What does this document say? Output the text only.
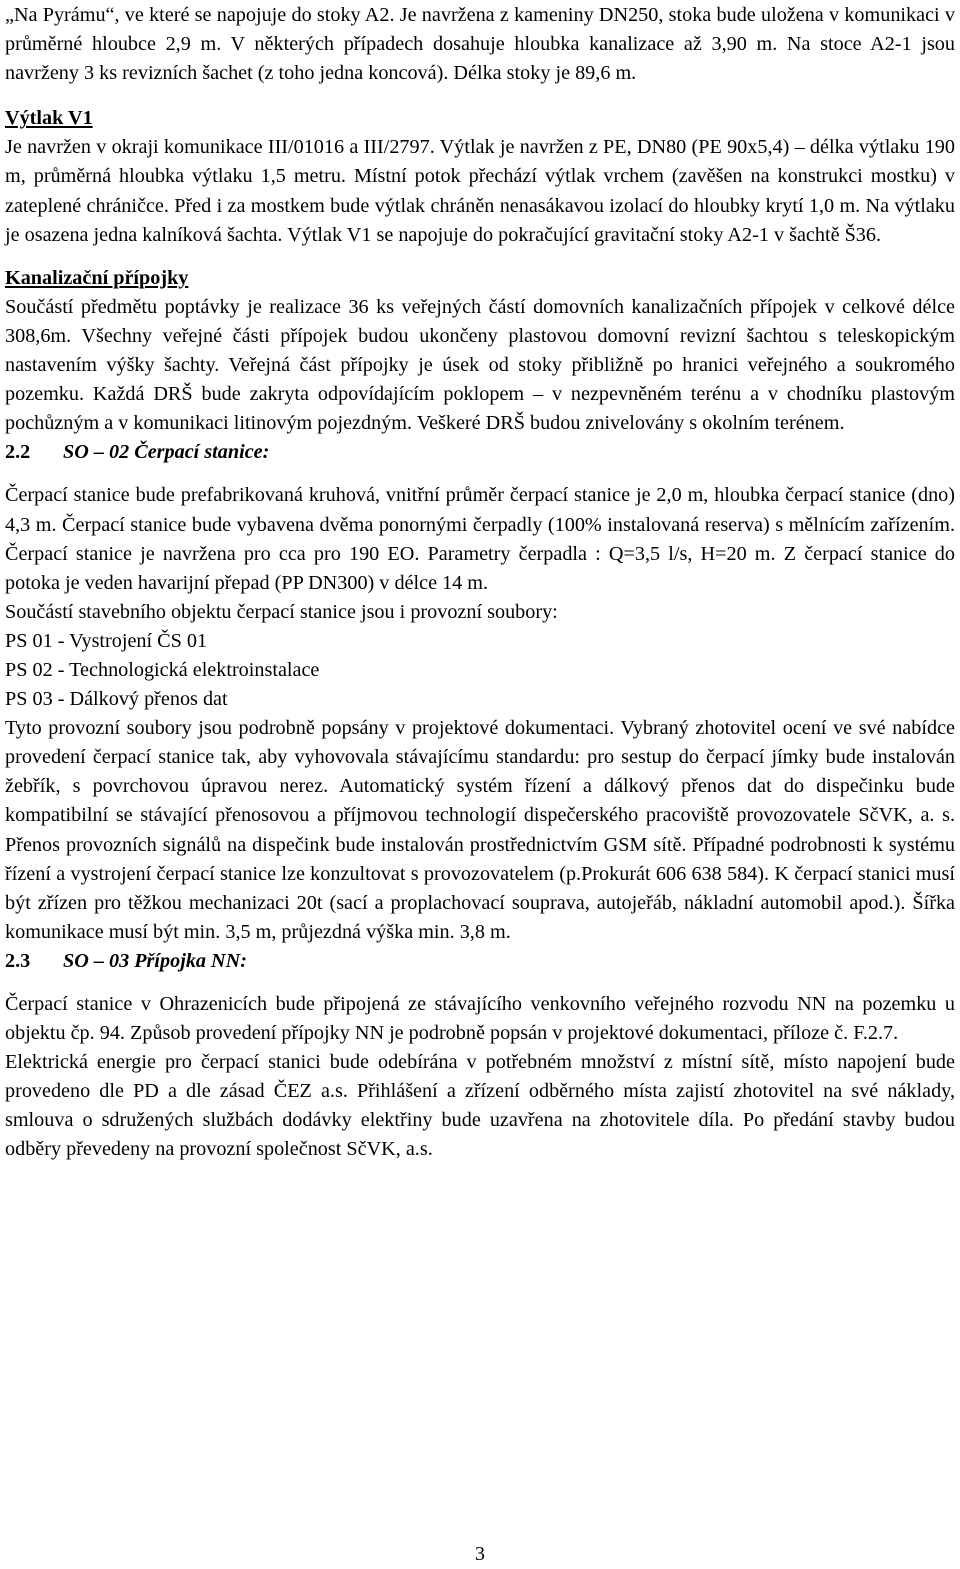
„Na Pyrámu“, ve které se napojuje do stoky A2. Je navržena z kameniny DN250, stoka bude uložena v komunikaci v průměrné hloubce 2,9 m. V některých případech dosahuje hloubka kanalizace až 3,90 m. Na stoce A2-1 jsou navrženy 3 ks revizních šachet (z toho jedna koncová). Délka stoky je 89,6 m.

Výtlak V1

Je navržen v okraji komunikace III/01016 a III/2797. Výtlak je navržen z PE, DN80 (PE 90x5,4) – délka výtlaku 190 m, průměrná hloubka výtlaku 1,5 metru. Místní potok přechází výtlak vrchem (zavěšen na konstrukci mostku) v zateplené chráničce. Před i za mostkem bude výtlak chráněn nenasákavou izolací do hloubky krytí 1,0 m. Na výtlaku je osazena jedna kalníková šachta. Výtlak V1 se napojuje do pokračující gravitační stoky A2-1 v šachtě Š36.

Kanalizační přípojky

Součástí předmětu poptávky je realizace 36 ks veřejných částí domovních kanalizačních přípojek v celkové délce 308,6m. Všechny veřejné části přípojek budou ukončeny plastovou domovní revizní šachtou s teleskopickým nastavením výšky šachty. Veřejná část přípojky je úsek od stoky přibližně po hranici veřejného a soukromého pozemku. Každá DRŠ bude zakryta odpovídajícím poklopem – v nezpevněném terénu a v chodníku plastovým pochůzným a v komunikaci litinovým pojezdným. Veškeré DRŠ budou znivelovány s okolním terénem.

2.2 SO – 02 Čerpací stanice:

Čerpací stanice bude prefabrikovaná kruhová, vnitřní průměr čerpací stanice je 2,0 m, hloubka čerpací stanice (dno) 4,3 m. Čerpací stanice bude vybavena dvěma ponornými čerpadly (100% instalovaná reserva) s mělnícím zařízením. Čerpací stanice je navržena pro cca pro 190 EO. Parametry čerpadla : Q=3,5 l/s, H=20 m. Z čerpací stanice do potoka je veden havarijní přepad (PP DN300) v délce 14 m.

Součástí stavebního objektu čerpací stanice jsou i provozní soubory:

PS 01 - Vystrojení ČS 01

PS 02 - Technologická elektroinstalace

PS 03 - Dálkový přenos dat

Tyto provozní soubory jsou podrobně popsány v projektové dokumentaci. Vybraný zhotovitel ocení ve své nabídce provedení čerpací stanice tak, aby vyhovovala stávajícímu standardu: pro sestup do čerpací jímky bude instalován žebřík, s povrchovou úpravou nerez. Automatický systém řízení a dálkový přenos dat do dispečinku bude kompatibilní se stávající přenosovou a příjmovou technologií dispečerského pracoviště provozovatele SčVK, a. s. Přenos provozních signálů na dispečink bude instalován prostřednictvím GSM sítě. Případné podrobnosti k systému řízení a vystrojení čerpací stanice lze konzultovat s provozovatelem (p.Prokurát 606 638 584). K čerpací stanici musí být zřízen pro těžkou mechanizaci 20t (sací a proplachovací souprava, autojeřáb, nákladní automobil apod.). Šířka komunikace musí být min. 3,5 m, průjezdná výška min. 3,8 m.

2.3 SO – 03 Přípojka NN:

Čerpací stanice v Ohrazenicích bude připojená ze stávajícího venkovního veřejného rozvodu NN na pozemku u objektu čp. 94. Způsob provedení přípojky NN je podrobně popsán v projektové dokumentaci, příloze č. F.2.7.

Elektrická energie pro čerpací stanici bude odebírána v potřebném množství z místní sítě, místo napojení bude provedeno dle PD a dle zásad ČEZ a.s. Přihlášení a zřízení odběrného místa zajistí zhotovitel na své náklady, smlouva o sdružených službách dodávky elektřiny bude uzavřena na zhotovitele díla. Po předání stavby budou odběry převedeny na provozní společnost SčVK, a.s.

3
